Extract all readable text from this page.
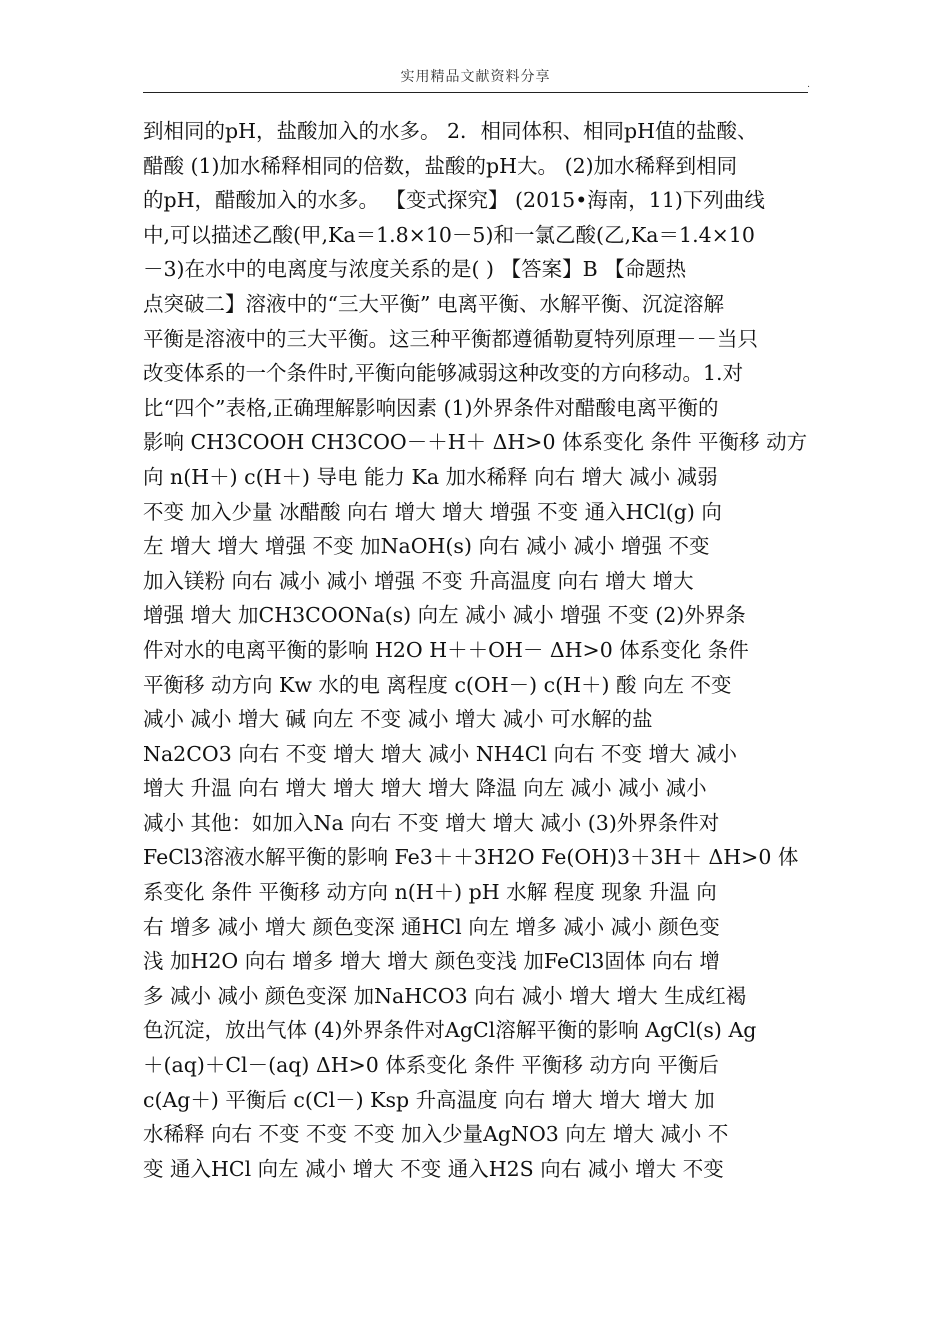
实用精品文献资料分享	.
到相同的pH，盐酸加入的水多。 2．相同体积、相同pH值的盐酸、
醋酸 (1)加水稀释相同的倍数，盐酸的pH大。 (2)加水稀释到相同
的pH，醋酸加入的水多。 【变式探究】 (2015•海南，11)下列曲线
中,可以描述乙酸(甲,Ka＝1.8×10－5)和一氯乙酸(乙,Ka＝1.4×10
－3)在水中的电离度与浓度关系的是( ) 【答案】B 【命题热
点突破二】溶液中的“三大平衡” 电离平衡、水解平衡、沉淀溶解
平衡是溶液中的三大平衡。这三种平衡都遵循勒夏特列原理－－当只
改变体系的一个条件时,平衡向能够减弱这种改变的方向移动。1.对
比“四个”表格,正确理解影响因素 (1)外界条件对醋酸电离平衡的
影响 CH3COOH CH3COO－＋H＋ ΔH>0 体系变化 条件 平衡移 动方
向 n(H＋) c(H＋) 导电 能力 Ka 加水稀释 向右 增大 减小 减弱
不变 加入少量 冰醋酸 向右 增大 增大 增强 不变 通入HCl(g) 向
左 增大 增大 增强 不变 加NaOH(s) 向右 减小 减小 增强 不变
加入镁粉 向右 减小 减小 增强 不变 升高温度 向右 增大 增大
增强 增大 加CH3COONa(s) 向左 减小 减小 增强 不变 (2)外界条
件对水的电离平衡的影响 H2O H＋＋OH－ ΔH>0 体系变化 条件
平衡移 动方向 Kw 水的电 离程度 c(OH－) c(H＋) 酸 向左 不变
减小 减小 增大 碱 向左 不变 减小 增大 减小 可水解的盐
Na2CO3 向右 不变 增大 增大 减小 NH4Cl 向右 不变 增大 减小
增大 升温 向右 增大 增大 增大 增大 降温 向左 减小 减小 减小
减小 其他：如加入Na 向右 不变 增大 增大 减小 (3)外界条件对
FeCl3溶液水解平衡的影响 Fe3＋＋3H2O Fe(OH)3＋3H＋ ΔH>0 体
系变化 条件 平衡移 动方向 n(H＋) pH 水解 程度 现象 升温 向
右 增多 减小 增大 颜色变深 通HCl 向左 增多 减小 减小 颜色变
浅 加H2O 向右 增多 增大 增大 颜色变浅 加FeCl3固体 向右 增
多 减小 减小 颜色变深 加NaHCO3 向右 减小 增大 增大 生成红褐
色沉淀，放出气体 (4)外界条件对AgCl溶解平衡的影响 AgCl(s) Ag
＋(aq)＋Cl－(aq) ΔH>0 体系变化 条件 平衡移 动方向 平衡后
c(Ag＋) 平衡后 c(Cl－) Ksp 升高温度 向右 增大 增大 增大 加
水稀释 向右 不变 不变 不变 加入少量AgNO3 向左 增大 减小 不
变 通入HCl 向左 减小 增大 不变 通入H2S 向右 减小 增大 不变
